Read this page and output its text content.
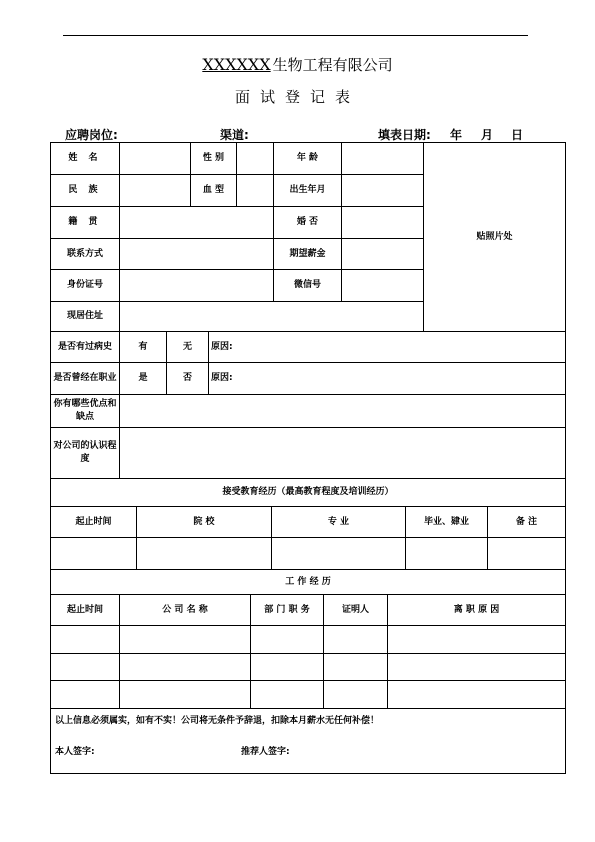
XXXXXX 生物工程有限公司
面试登记表
应聘岗位:	渠道:	填表日期: 年 月 日
姓 名		性 别		年 龄		贴照片处
民 族		血 型		出生年月		
籍 贯				婚 否		
联系方式				期望薪金		
身份证号				微信号		
现居住址						
是否有过病史	有	无	原因:
是否曾经在职业	是	否	原因:
你有哪些优点和缺点			
对公司的认识程度			
接受教育经历（最高教育程度及培训经历）				
起止时间	院 校	专 业	毕业、肄业	备 注

工 作 经 历				
起止时间	公 司 名 称	部 门 职 务	证明人	离 职 原 因

以上信息必须属实，如有不实！公司将无条件予辞退，扣除本月薪水无任何补偿！
本人签字: 推荐人签字:				
